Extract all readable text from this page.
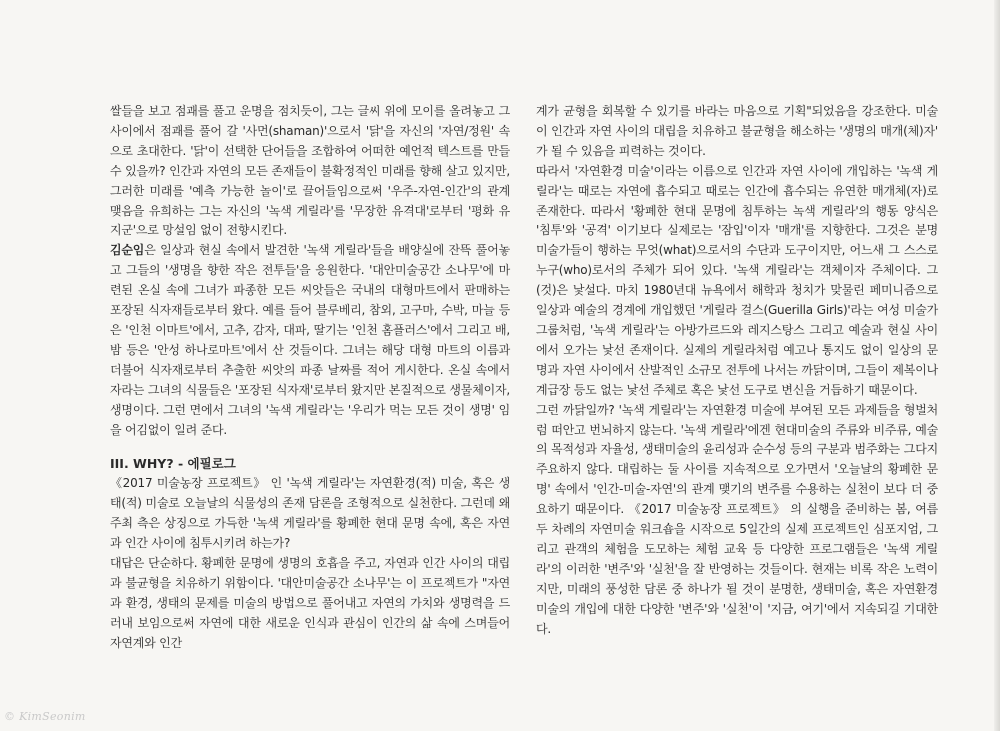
쌀들을 보고 점괘를 풀고 운명을 점치듯이, 그는 글씨 위에 모이를 올려놓고 그 사이에서 점괘를 풀어 갈 '사먼(shaman)'으로서 '닭'을 자신의 '자연/정원' 속으로 초대한다. '닭'이 선택한 단어들을 조합하여 어떠한 예언적 텍스트를 만들 수 있을까? 인간과 자연의 모든 존재들이 불확정적인 미래를 향해 살고 있지만, 그러한 미래를 '예측 가능한 놀이'로 끌어들임으로써 '우주-자연-인간'의 관계 맺음을 유희하는 그는 자신의 '녹색 게릴라'를 '무장한 유격대'로부터 '평화 유지군'으로 망설임 없이 전향시킨다.

김순임은 일상과 현실 속에서 발견한 '녹색 게릴라'들을 배양실에 잔뜩 풀어놓고 그들의 '생명을 향한 작은 전투들'을 응원한다. '대안미술공간 소나무'에 마련된 온실 속에 그녀가 파종한 모든 씨앗들은 국내의 대형마트에서 판매하는 포장된 식자재들로부터 왔다. 예를 들어 블루베리, 참외, 고구마, 수박, 마늘 등은 '인천 이마트'에서, 고추, 감자, 대파, 딸기는 '인천 홈플러스'에서 그리고 배, 밤 등은 '안성 하나로마트'에서 산 것들이다. 그녀는 해당 대형 마트의 이름과 더불어 식자재로부터 추출한 씨앗의 파종 날짜를 적어 게시한다. 온실 속에서 자라는 그녀의 식물들은 '포장된 식자재'로부터 왔지만 본질적으로 생물체이자, 생명이다. 그런 면에서 그녀의 '녹색 게릴라'는 '우리가 먹는 모든 것이 생명' 임을 어김없이 일려 준다.

III. WHY? - 에필로그

《2017 미술농장 프로젝트》 인 '녹색 게릴라'는 자연환경(적) 미술, 혹은 생태(적) 미술로 오늘날의 식물성의 존재 담론을 조형적으로 실천한다. 그런데 왜 주최 측은 상징으로 가득한 '녹색 게릴라'를 황폐한 현대 문명 속에, 혹은 자연과 인간 사이에 침투시키려 하는가?

대답은 단순하다. 황폐한 문명에 생명의 호흡을 주고, 자연과 인간 사이의 대립과 불균형을 치유하기 위함이다. '대안미술공간 소나무'는 이 프로젝트가 "자연과 환경, 생태의 문제를 미술의 방법으로 풀어내고 자연의 가치와 생명력을 드러내 보임으로써 자연에 대한 새로운 인식과 관심이 인간의 삶 속에 스며들어 자연계와 인간

계가 균형을 회복할 수 있기를 바라는 마음으로 기획"되었음을 강조한다. 미술이 인간과 자연 사이의 대립을 치유하고 불균형을 해소하는 '생명의 매개(체)자' 가 될 수 있음을 피력하는 것이다.

따라서 '자연환경 미술'이라는 이름으로 인간과 자연 사이에 개입하는 '녹색 게릴라'는 때로는 자연에 흡수되고 때로는 인간에 흡수되는 유연한 매개체(자)로 존재한다. 따라서 '황폐한 현대 문명에 침투하는 녹색 게릴라'의 행동 양식은 '침투'와 '공격' 이기보다 실제로는 '잠입'이자 '매개'를 지향한다. 그것은 분명 미술가들이 행하는 무엇(what)으로서의 수단과 도구이지만, 어느새 그 스스로 누구(who)로서의 주체가 되어 있다. '녹색 게릴라'는 객체이자 주체이다. 그(것)은 낯설다. 마치 1980년대 뉴욕에서 해학과 청치가 맞물린 페미니즘으로 일상과 예술의 경계에 개입했던 '게릴라 걸스(Guerilla Girls)'라는 여성 미술가 그룹처럼, '녹색 게릴라'는 아방가르드와 레지스탕스 그리고 예술과 현실 사이에서 오가는 낯선 존재이다. 실제의 게릴라처럼 예고나 통지도 없이 일상의 문명과 자연 사이에서 산발적인 소규모 전투에 나서는 까닭이며, 그들이 제복이나 계급장 등도 없는 낯선 주체로 혹은 낯선 도구로 변신을 거듭하기 때문이다.

그런 까닭일까? '녹색 게릴라'는 자연환경 미술에 부여된 모든 과제들을 형벌처럼 떠안고 번뇌하지 않는다. '녹색 게릴라'에겐 현대미술의 주류와 비주류, 예술의 목적성과 자율성, 생태미술의 윤리성과 순수성 등의 구분과 범주화는 그다지 주요하지 않다. 대립하는 둘 사이를 지속적으로 오가면서 '오늘날의 황폐한 문명' 속에서 '인간-미술-자연'의 관계 맺기의 변주를 수용하는 실천이 보다 더 중요하기 때문이다. 《2017 미술농장 프로젝트》 의 실행을 준비하는 봄, 여름 두 차례의 자연미술 워크숍을 시작으로 5일간의 실제 프로젝트인 심포지엄, 그리고 관객의 체험을 도모하는 체험 교육 등 다양한 프로그램들은 '녹색 게릴라'의 이러한 '변주'와 '실천'을 잘 반영하는 것들이다. 현재는 비록 작은 노력이지만, 미래의 풍성한 담론 중 하나가 될 것이 분명한, 생태미술, 혹은 자연환경미술의 개입에 대한 다양한 '변주'와 '실천'이 '지금, 여기'에서 지속되길 기대한다.

© KimSeonim
